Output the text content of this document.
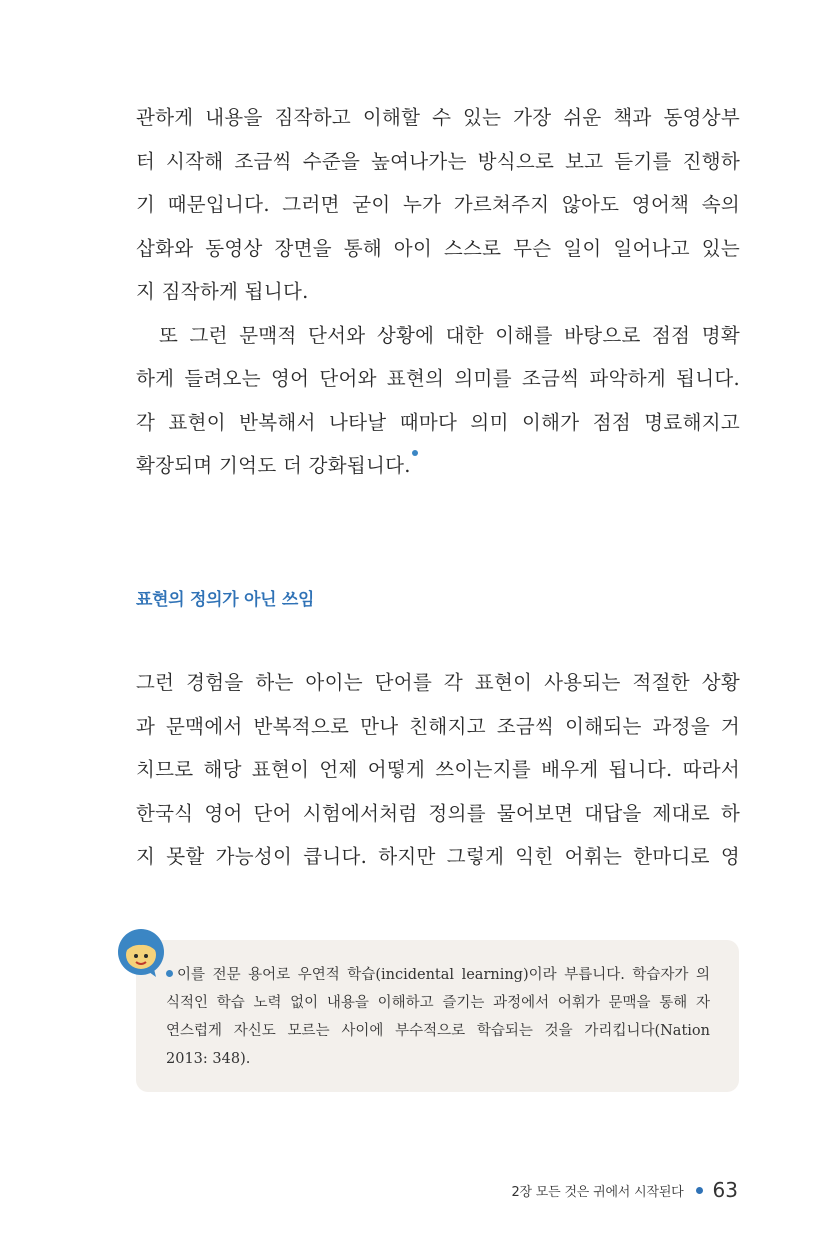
관하게 내용을 짐작하고 이해할 수 있는 가장 쉬운 책과 동영상부
터 시작해 조금씩 수준을 높여나가는 방식으로 보고 듣기를 진행하
기 때문입니다. 그러면 굳이 누가 가르쳐주지 않아도 영어책 속의
삽화와 동영상 장면을 통해 아이 스스로 무슨 일이 일어나고 있는
지 짐작하게 됩니다.
또 그런 문맥적 단서와 상황에 대한 이해를 바탕으로 점점 명확
하게 들려오는 영어 단어와 표현의 의미를 조금씩 파악하게 됩니다.
각 표현이 반복해서 나타날 때마다 의미 이해가 점점 명료해지고
확장되며 기억도 더 강화됩니다.
표현의 정의가 아닌 쓰임
그런 경험을 하는 아이는 단어를 각 표현이 사용되는 적절한 상황
과 문맥에서 반복적으로 만나 친해지고 조금씩 이해되는 과정을 거
치므로 해당 표현이 언제 어떻게 쓰이는지를 배우게 됩니다. 따라서
한국식 영어 단어 시험에서처럼 정의를 물어보면 대답을 제대로 하
지 못할 가능성이 큽니다. 하지만 그렇게 익힌 어휘는 한마디로 영
이를 전문 용어로 우연적 학습(incidental learning)이라 부릅니다. 학습자가 의
식적인 학습 노력 없이 내용을 이해하고 즐기는 과정에서 어휘가 문맥을 통해 자
연스럽게 자신도 모르는 사이에 부수적으로 학습되는 것을 가리킵니다(Nation
2013: 348).
2장 모든 것은 귀에서 시작된다 63
